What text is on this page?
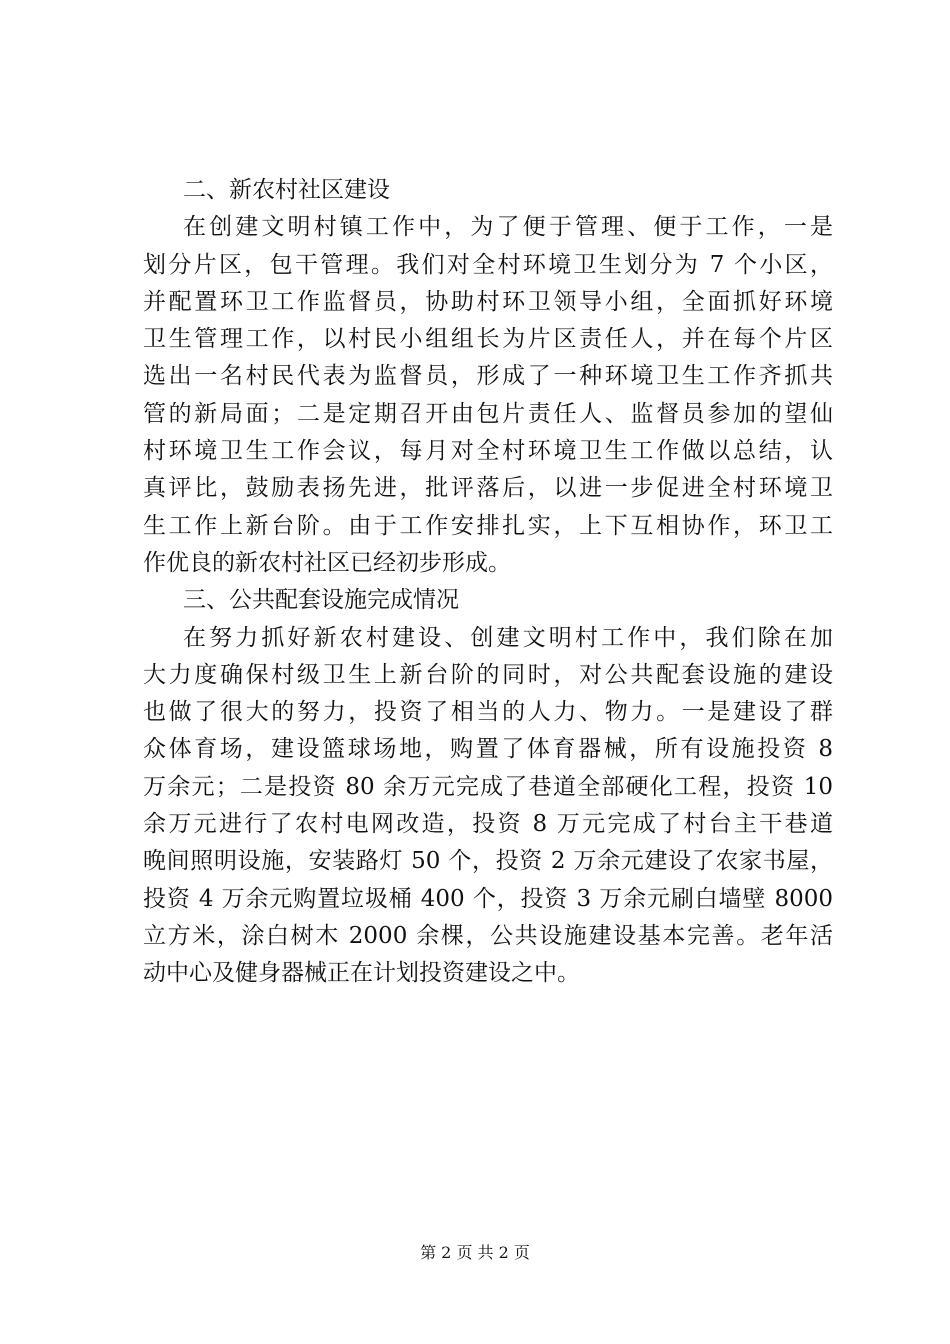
二、新农村社区建设
在创建文明村镇工作中，为了便于管理、便于工作，一是
划分片区，包干管理。我们对全村环境卫生划分为 7 个小区，
并配置环卫工作监督员，协助村环卫领导小组，全面抓好环境
卫生管理工作，以村民小组组长为片区责任人，并在每个片区
选出一名村民代表为监督员，形成了一种环境卫生工作齐抓共
管的新局面；二是定期召开由包片责任人、监督员参加的望仙
村环境卫生工作会议，每月对全村环境卫生工作做以总结，认
真评比，鼓励表扬先进，批评落后，以进一步促进全村环境卫
生工作上新台阶。由于工作安排扎实，上下互相协作，环卫工
作优良的新农村社区已经初步形成。
三、公共配套设施完成情况
在努力抓好新农村建设、创建文明村工作中，我们除在加
大力度确保村级卫生上新台阶的同时，对公共配套设施的建设
也做了很大的努力，投资了相当的人力、物力。一是建设了群
众体育场，建设篮球场地，购置了体育器械，所有设施投资 8
万余元；二是投资 80 余万元完成了巷道全部硬化工程，投资 10
余万元进行了农村电网改造，投资 8 万元完成了村台主干巷道
晚间照明设施，安装路灯 50 个，投资 2 万余元建设了农家书屋，
投资 4 万余元购置垃圾桶 400 个，投资 3 万余元刷白墙壁 8000
立方米，涂白树木 2000 余棵，公共设施建设基本完善。老年活
动中心及健身器械正在计划投资建设之中。
第 2 页 共 2 页
